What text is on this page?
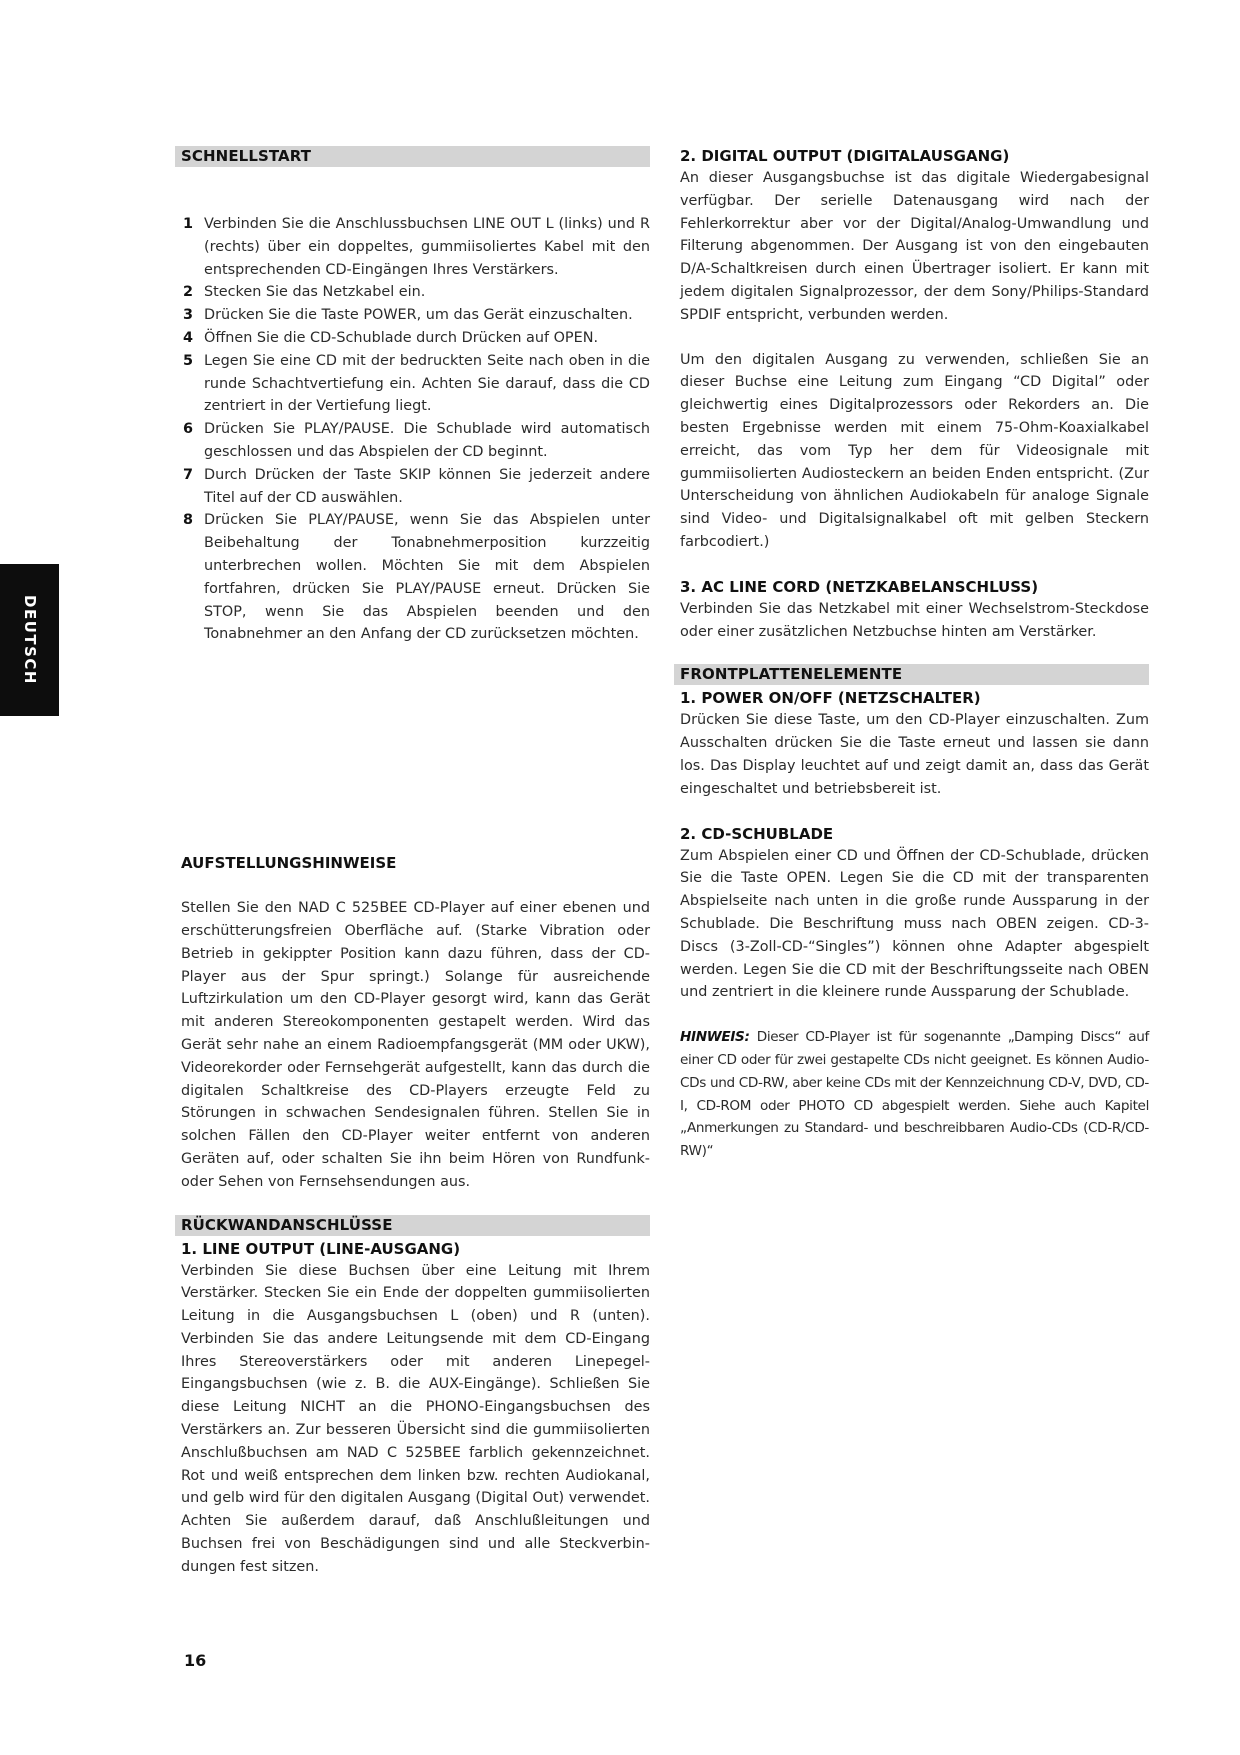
DEUTSCH
SCHNELLSTART
1 Verbinden Sie die Anschlussbuchsen LINE OUT L (links) und R (rechts) über ein doppeltes, gummiisoliertes Kabel mit den entsprechenden CD-Eingängen Ihres Verstärkers.
2 Stecken Sie das Netzkabel ein.
3 Drücken Sie die Taste POWER, um das Gerät einzuschalten.
4 Öffnen Sie die CD-Schublade durch Drücken auf OPEN.
5 Legen Sie eine CD mit der bedruckten Seite nach oben in die runde Schachtvertiefung ein. Achten Sie darauf, dass die CD zentriert in der Vertiefung liegt.
6 Drücken Sie PLAY/PAUSE. Die Schublade wird automatisch geschlossen und das Abspielen der CD beginnt.
7 Durch Drücken der Taste SKIP können Sie jederzeit andere Titel auf der CD auswählen.
8 Drücken Sie PLAY/PAUSE, wenn Sie das Abspielen unter Beibehaltung der Tonabnehmerposition kurzzeitig unterbrechen wollen. Möchten Sie mit dem Abspielen fortfahren, drücken Sie PLAY/PAUSE erneut. Drücken Sie STOP, wenn Sie das Abspielen beenden und den Tonabnehmer an den Anfang der CD zurücksetzen möchten.
AUFSTELLUNGSHINWEISE

Stellen Sie den NAD C 525BEE CD-Player auf einer ebenen und erschütterungsfreien Oberfläche auf. (Starke Vibration oder Betrieb in gekippter Position kann dazu führen, dass der CD-Player aus der Spur springt.) Solange für ausreichende Luftzirkulation um den CD-Player gesorgt wird, kann das Gerät mit anderen Stereokomponenten gestapelt werden. Wird das Gerät sehr nahe an einem Radioempfangsgerät (MM oder UKW), Videorekorder oder Fernsehgerät aufgestellt, kann das durch die digitalen Schaltkreise des CD-Players erzeugte Feld zu Störungen in schwachen Sendesignalen führen. Stellen Sie in solchen Fällen den CD-Player weiter entfernt von anderen Geräten auf, oder schalten Sie ihn beim Hören von Rundfunk- oder Sehen von Fernsehsendungen aus.

RÜCKWANDANSCHLÜSSE
1. LINE OUTPUT (LINE-AUSGANG)

Verbinden Sie diese Buchsen über eine Leitung mit Ihrem Verstärker. Stecken Sie ein Ende der doppelten gummiisolierten Leitung in die Ausgangsbuchsen L (oben) und R (unten). Verbinden Sie das andere Leitungsende mit dem CD-Eingang Ihres Stereoverstärkers oder mit anderen Linepegel-Eingangsbuchsen (wie z. B. die AUX-Eingänge). Schließen Sie diese Leitung NICHT an die PHONO-Eingangsbuchsen des Verstärkers an. Zur besseren Übersicht sind die gummiisolierten Anschlußbuchsen am NAD C 525BEE farblich gekennzeichnet. Rot und weiß entsprechen dem linken bzw. rechten Audiokanal, und gelb wird für den digitalen Ausgang (Digital Out) verwendet. Achten Sie außerdem darauf, daß Anschlußleitungen und Buchsen frei von Beschädigungen sind und alle Steckverbin-dungen fest sitzen.

2. DIGITAL OUTPUT (DIGITALAUSGANG)

An dieser Ausgangsbuchse ist das digitale Wiedergabesignal verfügbar. Der serielle Datenausgang wird nach der Fehlerkorrektur aber vor der Digital/Analog-Umwandlung und Filterung abgenommen. Der Ausgang ist von den eingebauten D/A-Schaltkreisen durch einen Übertrager isoliert. Er kann mit jedem digitalen Signalprozessor, der dem Sony/Philips-Standard SPDIF entspricht, verbunden werden.

Um den digitalen Ausgang zu verwenden, schließen Sie an dieser Buchse eine Leitung zum Eingang “CD Digital” oder gleichwertig eines Digitalprozessors oder Rekorders an. Die besten Ergebnisse werden mit einem 75-Ohm-Koaxialkabel erreicht, das vom Typ her dem für Videosignale mit gummiisolierten Audiosteckern an beiden Enden entspricht. (Zur Unterscheidung von ähnlichen Audiokabeln für analoge Signale sind Video- und Digitalsignalkabel oft mit gelben Steckern farbcodiert.)

3. AC LINE CORD (NETZKABELANSCHLUSS)

Verbinden Sie das Netzkabel mit einer Wechselstrom-Steckdose oder einer zusätzlichen Netzbuchse hinten am Verstärker.

FRONTPLATTENELEMENTE
1. POWER ON/OFF (NETZSCHALTER)

Drücken Sie diese Taste, um den CD-Player einzuschalten. Zum Ausschalten drücken Sie die Taste erneut und lassen sie dann los. Das Display leuchtet auf und zeigt damit an, dass das Gerät eingeschaltet und betriebsbereit ist.

2. CD-SCHUBLADE

Zum Abspielen einer CD und Öffnen der CD-Schublade, drücken Sie die Taste OPEN. Legen Sie die CD mit der transparenten Abspielseite nach unten in die große runde Aussparung in der Schublade. Die Beschriftung muss nach OBEN zeigen. CD-3-Discs (3-Zoll-CD-“Singles”) können ohne Adapter abgespielt werden. Legen Sie die CD mit der Beschriftungsseite nach OBEN und zentriert in die kleinere runde Aussparung der Schublade.

HINWEIS: Dieser CD-Player ist für sogenannte „Damping Discs“ auf einer CD oder für zwei gestapelte CDs nicht geeignet. Es können Audio-CDs und CD-RW, aber keine CDs mit der Kennzeichnung CD-V, DVD, CD-I, CD-ROM oder PHOTO CD abgespielt werden. Siehe auch Kapitel „Anmerkungen zu Standard- und beschreibbaren Audio-CDs (CD-R/CD-RW)“

16
